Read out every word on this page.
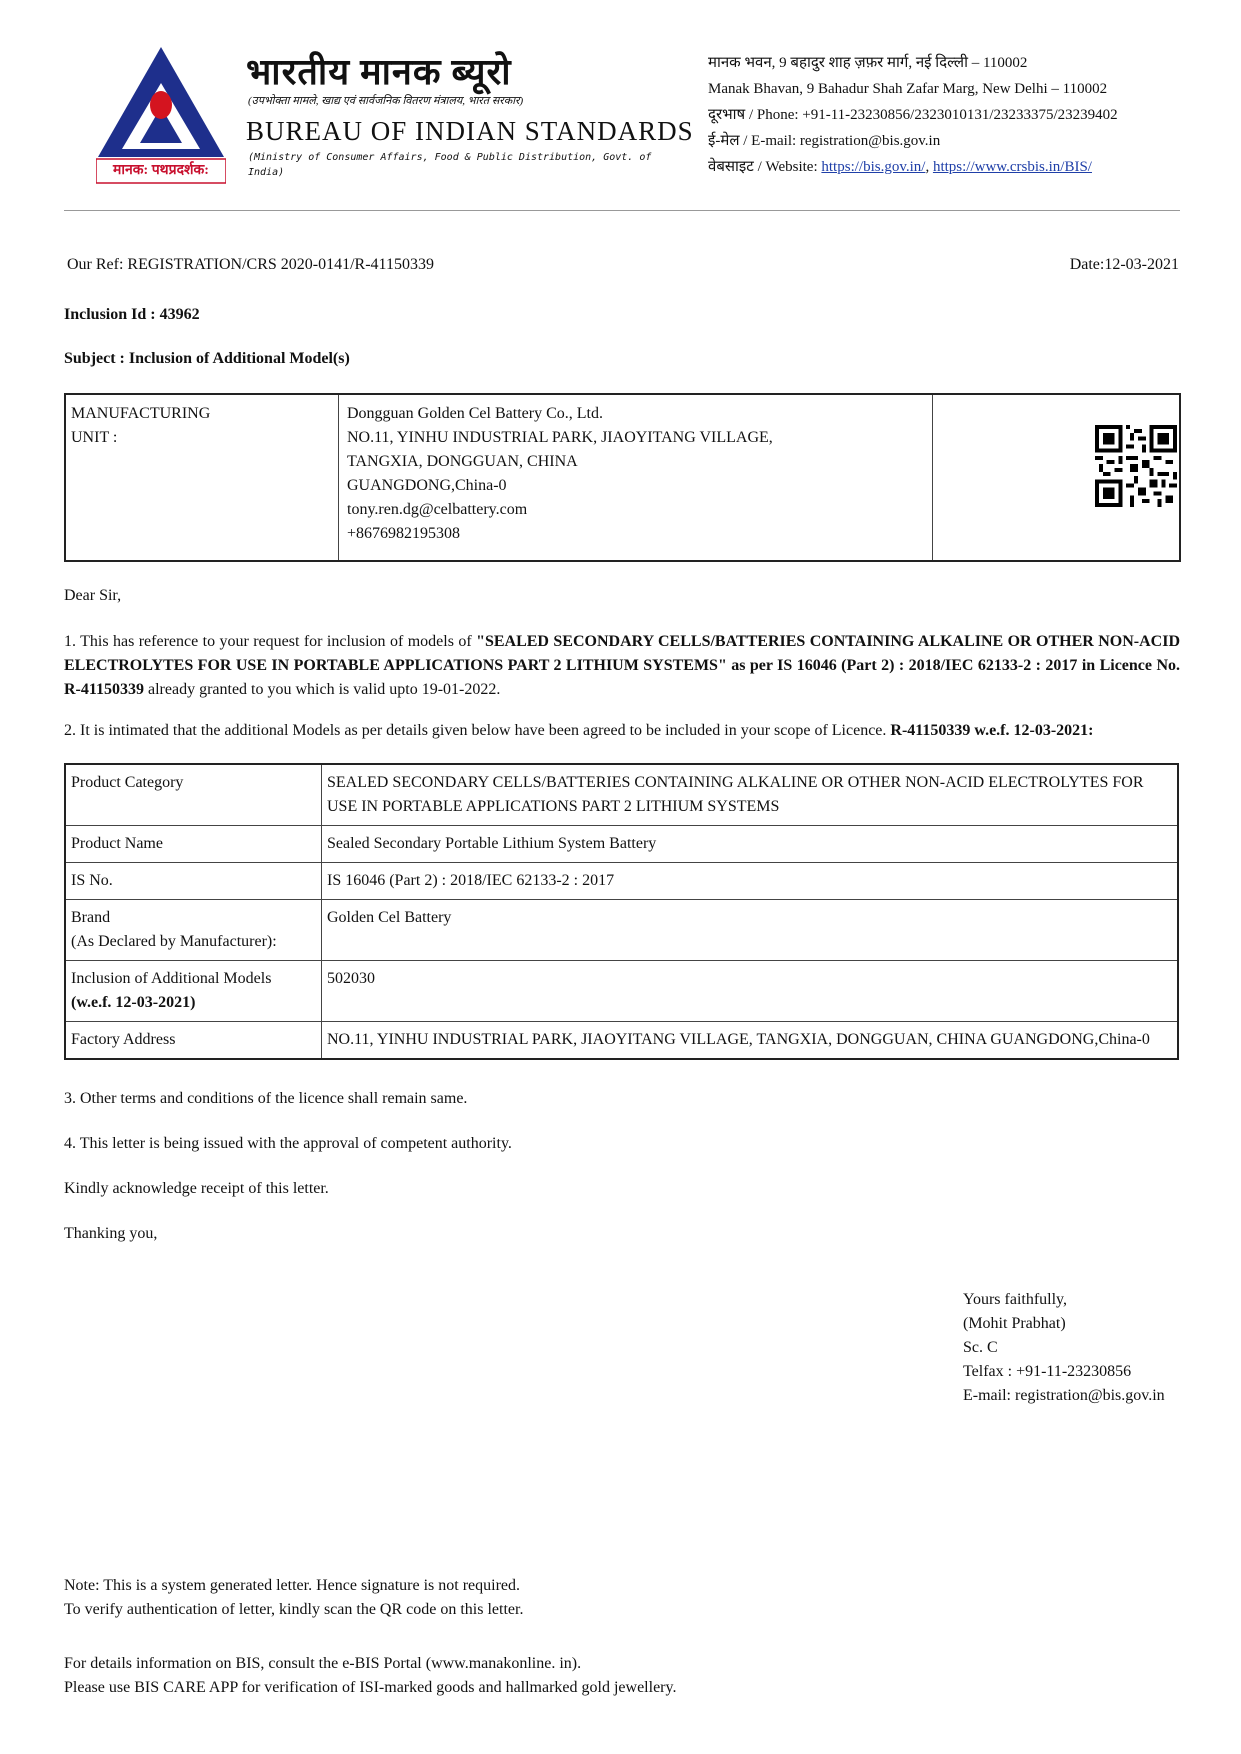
मानक: पथप्रदर्शक:
भारतीय मानक ब्यूरो
(उपभोक्ता मामले, खाद्य एवं सार्वजनिक वितरण मंत्रालय, भारत सरकार)
BUREAU OF INDIAN STANDARDS
(Ministry of Consumer Affairs, Food & Public Distribution, Govt. of India)
मानक भवन, 9 बहादुर शाह ज़फ़र मार्ग, नई दिल्ली – 110002
Manak Bhavan, 9 Bahadur Shah Zafar Marg, New Delhi – 110002
दूरभाष / Phone: +91-11-23230856/2323010131/23233375/23239402
ई-मेल / E-mail: registration@bis.gov.in
वेबसाइट / Website: https://bis.gov.in/, https://www.crsbis.in/BIS/
Our Ref: REGISTRATION/CRS 2020-0141/R-41150339	Date:12-03-2021
Inclusion Id : 43962
Subject : Inclusion of Additional Model(s)
MANUFACTURING
UNIT :
Dongguan Golden Cel Battery Co., Ltd.
NO.11, YINHU INDUSTRIAL PARK, JIAOYITANG VILLAGE,
TANGXIA, DONGGUAN, CHINA
GUANGDONG,China-0
tony.ren.dg@celbattery.com
+8676982195308
Dear Sir,
1. This has reference to your request for inclusion of models of "SEALED SECONDARY CELLS/BATTERIES CONTAINING ALKALINE OR OTHER NON-ACID ELECTROLYTES FOR USE IN PORTABLE APPLICATIONS PART 2 LITHIUM SYSTEMS" as per IS 16046 (Part 2) : 2018/IEC 62133-2 : 2017 in Licence No. R-41150339 already granted to you which is valid upto 19-01-2022.
2. It is intimated that the additional Models as per details given below have been agreed to be included in your scope of Licence. R-41150339 w.e.f. 12-03-2021:
Product Category	SEALED SECONDARY CELLS/BATTERIES CONTAINING ALKALINE OR OTHER NON-ACID ELECTROLYTES FOR USE IN PORTABLE APPLICATIONS PART 2 LITHIUM SYSTEMS
Product Name	Sealed Secondary Portable Lithium System Battery
IS No.	IS 16046 (Part 2) : 2018/IEC 62133-2 : 2017

Brand
(As Declared by Manufacturer):	Golden Cel Battery

Inclusion of Additional Models
(w.e.f. 12-03-2021)	502030
Factory Address	NO.11, YINHU INDUSTRIAL PARK, JIAOYITANG VILLAGE, TANGXIA, DONGGUAN, CHINA GUANGDONG,China-0
3. Other terms and conditions of the licence shall remain same.
4. This letter is being issued with the approval of competent authority.
Kindly acknowledge receipt of this letter.
Thanking you,
Yours faithfully,
(Mohit Prabhat)
Sc. C
Telfax : +91-11-23230856
E-mail: registration@bis.gov.in
Note: This is a system generated letter. Hence signature is not required.
To verify authentication of letter, kindly scan the QR code on this letter.
For details information on BIS, consult the e-BIS Portal (www.manakonline. in).
Please use BIS CARE APP for verification of ISI-marked goods and hallmarked gold jewellery.
